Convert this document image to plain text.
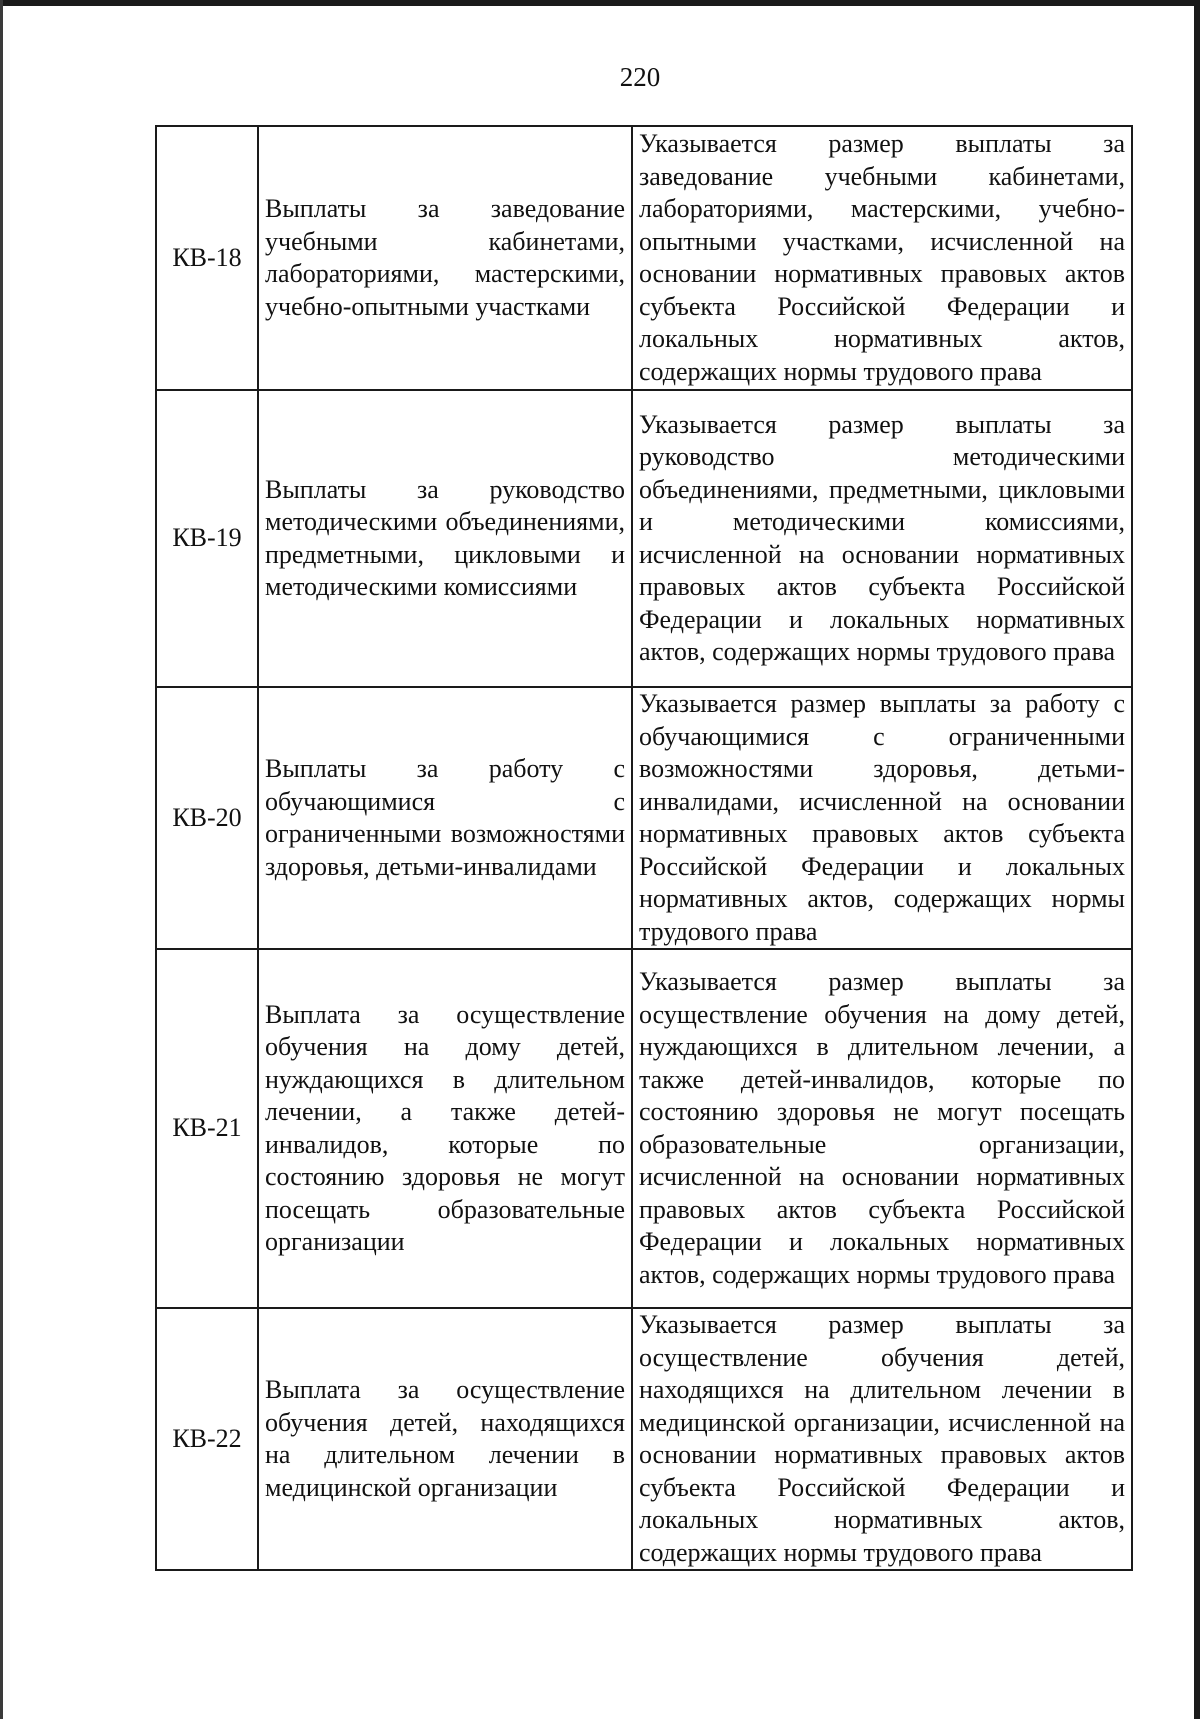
220
КВ-18	Выплаты за заведование учебными кабинетами, лабораториями, мастерскими, учебно-опытными участками	Указывается размер выплаты за заведование учебными кабинетами, лабораториями, мастерскими, учебно-опытными участками, исчисленной на основании нормативных правовых актов субъекта Российской Федерации и локальных нормативных актов, содержащих нормы трудового права
КВ-19	Выплаты за руководство методическими объединениями, предметными, цикловыми и методическими комиссиями	Указывается размер выплаты за руководство методическими объединениями, предметными, цикловыми и методическими комиссиями, исчисленной на основании нормативных правовых актов субъекта Российской Федерации и локальных нормативных актов, содержащих нормы трудового права
КВ-20	Выплаты за работу с обучающимися с ограниченными возможностями здоровья, детьми-инвалидами	Указывается размер выплаты за работу с обучающимися с ограниченными возможностями здоровья, детьми-инвалидами, исчисленной на основании нормативных правовых актов субъекта Российской Федерации и локальных нормативных актов, содержащих нормы трудового права
КВ-21	Выплата за осуществление обучения на дому детей, нуждающихся в длительном лечении, а также детей-инвалидов, которые по состоянию здоровья не могут посещать образовательные организации	Указывается размер выплаты за осуществление обучения на дому детей, нуждающихся в длительном лечении, а также детей-инвалидов, которые по состоянию здоровья не могут посещать образовательные организации, исчисленной на основании нормативных правовых актов субъекта Российской Федерации и локальных нормативных актов, содержащих нормы трудового права
КВ-22	Выплата за осуществление обучения детей, находящихся на длительном лечении в медицинской организации	Указывается размер выплаты за осуществление обучения детей, находящихся на длительном лечении в медицинской организации, исчисленной на основании нормативных правовых актов субъекта Российской Федерации и локальных нормативных актов, содержащих нормы трудового права
